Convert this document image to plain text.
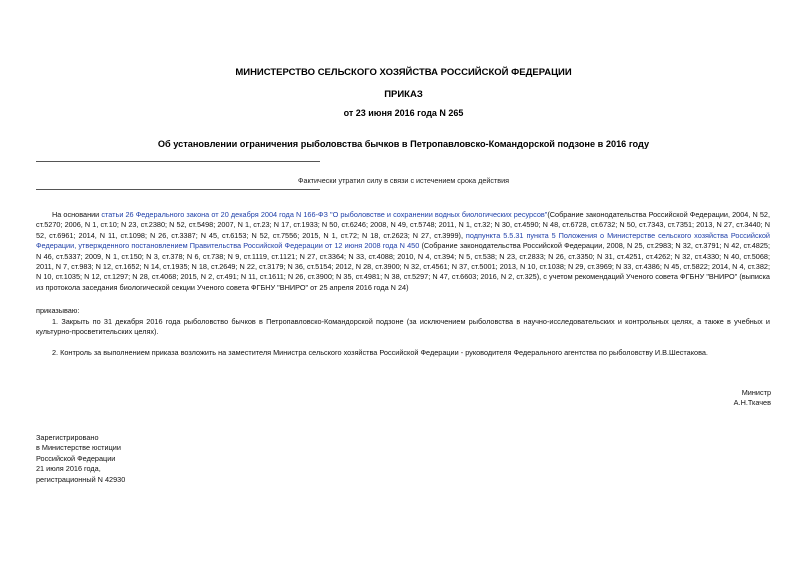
МИНИСТЕРСТВО СЕЛЬСКОГО ХОЗЯЙСТВА РОССИЙСКОЙ ФЕДЕРАЦИИ
ПРИКАЗ
от 23 июня 2016 года N 265
Об установлении ограничения рыболовства бычков в Петропавловско-Командорской подзоне в 2016 году
Фактически утратил силу в связи с истечением срока действия
На основании статьи 26 Федерального закона от 20 декабря 2004 года N 166-ФЗ "О рыболовстве и сохранении водных биологических ресурсов"(Собрание законодательства Российской Федерации, 2004, N 52, ст.5270; 2006, N 1, ст.10; N 23, ст.2380; N 52, ст.5498; 2007, N 1, ст.23; N 17, ст.1933; N 50, ст.6246; 2008, N 49, ст.5748; 2011, N 1, ст.32; N 30, ст.4590; N 48, ст.6728, ст.6732; N 50, ст.7343, ст.7351; 2013, N 27, ст.3440; N 52, ст.6961; 2014, N 11, ст.1098; N 26, ст.3387; N 45, ст.6153; N 52, ст.7556; 2015, N 1, ст.72; N 18, ст.2623; N 27, ст.3999), подпункта 5.5.31 пункта 5 Положения о Министерстве сельского хозяйства Российской Федерации, утвержденного постановлением Правительства Российской Федерации от 12 июня 2008 года N 450 (Собрание законодательства Российской Федерации, 2008, N 25, ст.2983; N 32, ст.3791; N 42, ст.4825; N 46, ст.5337; 2009, N 1, ст.150; N 3, ст.378; N 6, ст.738; N 9, ст.1119, ст.1121; N 27, ст.3364; N 33, ст.4088; 2010, N 4, ст.394; N 5, ст.538; N 23, ст.2833; N 26, ст.3350; N 31, ст.4251, ст.4262; N 32, ст.4330; N 40, ст.5068; 2011, N 7, ст.983; N 12, ст.1652; N 14, ст.1935; N 18, ст.2649; N 22, ст.3179; N 36, ст.5154; 2012, N 28, ст.3900; N 32, ст.4561; N 37, ст.5001; 2013, N 10, ст.1038; N 29, ст.3969; N 33, ст.4386; N 45, ст.5822; 2014, N 4, ст.382; N 10, ст.1035; N 12, ст.1297; N 28, ст.4068; 2015, N 2, ст.491; N 11, ст.1611; N 26, ст.3900; N 35, ст.4981; N 38, ст.5297; N 47, ст.6603; 2016, N 2, ст.325), с учетом рекомендаций Ученого совета ФГБНУ "ВНИРО" (выписка из протокола заседания биологической секции Ученого совета ФГБНУ "ВНИРО" от 25 апреля 2016 года N 24)
приказываю:
1. Закрыть по 31 декабря 2016 года рыболовство бычков в Петропавловско-Командорской подзоне (за исключением рыболовства в научно-исследовательских и контрольных целях, а также в учебных и культурно-просветительских целях).
2. Контроль за выполнением приказа возложить на заместителя Министра сельского хозяйства Российской Федерации - руководителя Федерального агентства по рыболовству И.В.Шестакова.
Министр
А.Н.Ткачев
Зарегистрировано
в Министерстве юстиции
Российской Федерации
21 июля 2016 года,
регистрационный N 42930
